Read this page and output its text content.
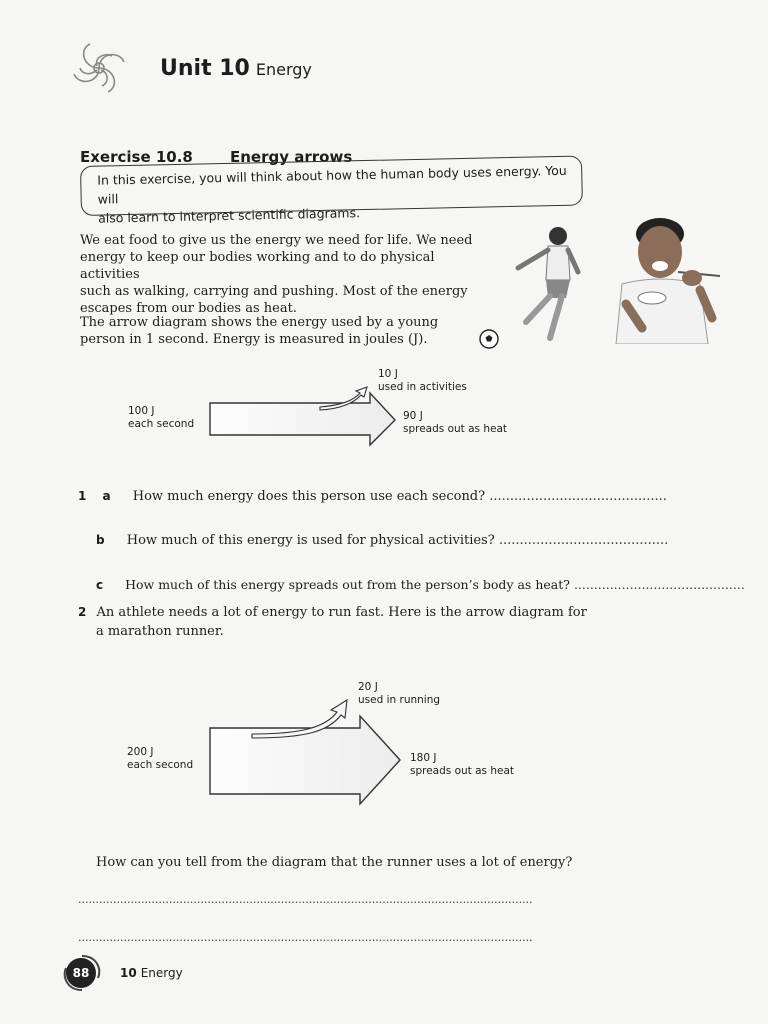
Unit 10 Energy
Exercise 10.8 Energy arrows
In this exercise, you will think about how the human body uses energy. You will
also learn to interpret scientific diagrams.
We eat food to give us the energy we need for life. We need
energy to keep our bodies working and to do physical activities
such as walking, carrying and pushing. Most of the energy
escapes from our bodies as heat.
The arrow diagram shows the energy used by a young
person in 1 second. Energy is measured in joules (J).
100 J
each second
10 J
used in activities
90 J
spreads out as heat
1 a How much energy does this person use each second? ...........................................
b How much of this energy is used for physical activities? .........................................
c How much of this energy spreads out from the person’s body as heat? ...........................................
2 An athlete needs a lot of energy to run fast. Here is the arrow diagram for
a marathon runner.
200 J
each second
20 J
used in running
180 J
spreads out as heat
How can you tell from the diagram that the runner uses a lot of energy?
..................................................................................................................................
..................................................................................................................................
88	10 Energy
